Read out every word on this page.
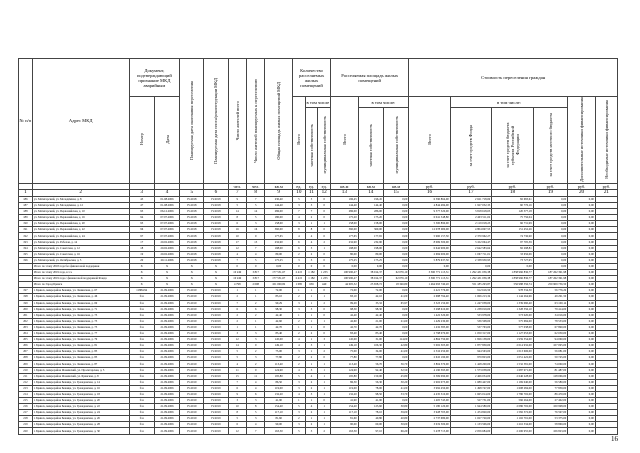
№ п/п	Адрес МКД	Документ, подтверждающий признание МКД аварийным		Планируемая дата окончания переселения	Планируемая дата сноса/реконструкции МКД	Число жителей всего	Число жителей планируемых к переселению	Общая площадь жилых помещений МКД	Количество расселяемых жилых помещений			Расселяемая площадь жилых помещений			Стоимость переселения граждан					
		Номер	Дата						Всего	в том числе		Всего	в том числе:		Всего	в том числе:			Дополнительные источники финансирования	Необходимые источники финансирования
										частная собственность	муниципальная собственность		частная собственность	муниципальная собственность		за счет средств Фонда	за счет средств бюджета субъекта Российской Федерации	за счет средств местного бюджета		
						чел.	чел.	кв.м	ед.	ед.	ед.	кв.м	кв.м	кв.м	руб.	руб.	руб.	руб.	руб.	руб.
1	2	3	4	5	6	7	8	9	10	11	12	13	14	15	16	17	18	19	20	21
186	ул. Матигорский, ул. Молодёжная, д. 8	45	01.08.2006	IV.2018	IV.2018	9	7	230,40	5	5	0	196,45	196,45	0,00	6 590 864,00	2 621 718,69	82 683,61	0,00	0,00	
187	ул. Матигорский, ул. Молодёжная, д. 12	47	01.08.2006	IV.2018	IV.2018	5	5	144,40	3	3	0	144,40	144,40	0,00	4 844 484,00	1 927 052,33	60 776,16	0,00	0,00	
188	ул. Матигорский, ул. Первомайская, д. 10	93	06.12.2006	IV.2018	IV.2018	14	14	286,00	7	7	0	286,00	286,00	0,00	9 577 520,00	3 818 618,03	120 377,18	0,00	0,00	
189	ул. Матигорский, ул. Первомайская, д. 16	94	07.07.2006	IV.2018	IV.2018	8	5	180,00	4	2	0	175,20	175,20	0,00	6 041 548,80	2 403 511,02	75 756,04	0,00	0,00	
190	ул. Матигорский, ул. Первомайская, д. 20	95	07.07.2006	IV.2018	IV.2018	6	3	158,00	3	1	1	158,00	158,00	0,00	5 300 890,00	2 119 018,23	66 731,99	0,00	0,00	
191	ул. Матигорский, ул. Первомайская, д. 22	96	07.07.2006	IV.2018	IV.2018	16	16	360,00	8	8	0	360,00	360,00	0,00	12 078 000,00	4 804 697,53	151 452,26	0,00	0,00	
192	ул. Матигорский, ул. Первомайская, д. 24	97	07.07.2006	IV.2018	IV.2018	10	9	177,65	4	4	0	177,65	177,65	0,00	5 960 157,50	2 370 962,27	74 736,90	0,00	0,00	
193	ул. Матигорский, ул. Рабочая, д. 14	17	20.02.2006	IV.2018	IV.2018	17	13	232,90	6	4	2	232,90	232,90	0,00	8 069 500,00	3 102 064,47	97 705,39	0,00	0,00	
194	ул. Матигорский, ул. Советская, д. 12	18	20.02.2006	IV.2018	IV.2018	12	7	198,00	6	5	1	198,00	198,00	0,00	6 642 900,00	2 642 583,64	82 298,81	0,00	0,00	
195	ул. Матигорский, ул. Советская, д. 16	19	20.02.2006	IV.2018	IV.2018	4	4	80,00	2	2	0	80,00	80,00	0,00	2 684 000,00	1 067 711,01	33 656,06	0,00	0,00	
196	ул. Матигорский, ул. Октябрьская, д. 5	20	20.11.2006	IV.2018	IV.2018	7	5	175,25	3	3	0	175,25	175,25	0,00	5 879 637,50	2 338 930,95	73 727,95	0,00	0,00	
	Итого по этапу 2018 года без финансовой поддержки	X	X	X	X	0	0	0,00	0	0	0	0,00	0,00	0,00	0,00	0,00	0,00	0,00	0,00	
	Итого по этапу 2019 года, в т.ч.	X	X	X	X	10 249	3 817	177 551,67	2 415	1 182	1 233	100 990,47	38 914,37	62 076,10	3 360 771 113,31	1 292 431 056,38	1 838 966 836,77	187 262 391,98	0,00	
	Итого по этапу 2019 года с финансовой поддержкой Фонда	X	X	X	X	10 249	3 817	177 551,67	2 415	1 182	1 233	100 990,47	38 914,37	62 076,10	3 360 771 113,31	1 292 431 056,38	1 838 966 836,77	187 262 391,98	0,00	
	Итого по Город Брянск	X	X	X	X	4 798	2 098	101 000,82	1 085	636	449	44 005,52	25 658,72	18 346,80	1 464 093 740,20	551 185 293,87	556 988 356,74	250 909 756,50	0,00	
197	г. Брянск, микрорайон Бежица, ул. Ленинская, д. 67	11884/94	21.09.2006	IV.2019	IV.2019	1	1	72,00	1	1	0	72,00	72,00	0,00	2 421 776,00	912 616,50	978 534,30	56 776,29	0,00	
198	г. Брянск, микрорайон Бежица, ул. Ленинская, д. 46	б/н	21.09.2006	IV.2019	IV.2019	2	1	83,10	2	1	1	83,10	42,10	41,00	2 688 794,40	1 066 213,34	1 144 264,96	49 291,50	0,00	
199	г. Брянск, микрорайон Бежица, ул. Ленинская, д. 69	б/н	21.09.2006	IV.2019	IV.2019	7	2	99,29	3	1	2	99,29	33,32	65,97	3 323 150,00	1 247 058,00	1 339 060,40	63 100,14	0,00	
200	г. Брянск, микрорайон Бежица, ул. Ленинская, д. 71	б/н	21.09.2006	IV.2019	IV.2019	6	6	98,30	3	3	0	98,30	98,30	0,00	3 298 610,00	1 238 019,00	1 328 356,10	79 414,00	0,00	
201	г. Брянск, микрорайон Бежица, ул. Ленинская, д. 73	б/н	21.09.2006	IV.2019	IV.2019	2	2	42,40	1	1	0	42,40	42,40	0,00	1 422 520,00	533 978,00	573 020,00	34 016,00	0,00	
202	г. Брянск, микрорайон Бежица, ул. Ленинская, д. 73	б/н	21.09.2006	IV.2019	IV.2019	2	1	42,60	2	1	1	42,60	21,00	21,60	1 429 230,00	536 508,00	575 684,00	78 533,00	0,00	
203	г. Брянск, микрорайон Бежица, ул. Ленинская, д. 75	б/н	21.09.2006	IV.2019	IV.2019	1	1	42,70	1	1	0	42,70	42,70	0,00	1 432 585,00	537 763,00	577 038,00	67 890,00	0,00	
204	г. Брянск, микрорайон Бежица, ул. Ленинская, д. 77	б/н	21.09.2006	IV.2019	IV.2019	3	3	83,40	2	2	0	83,40	83,40	0,00	2 798 070,00	1 050 317,00	1 127 053,00	62 030,00	0,00	
205	г. Брянск, микрорайон Бежица, ул. Ленинская, д. 79	б/н	21.09.2006	IV.2019	IV.2019	12	3	145,00	4	1	3	145,00	31,00	114,00	4 864 750,00	1 826 158,00	1 959 554,00	94 060,00	0,00	
206	г. Брянск, микрорайон Бежица, ул. Ленинская, д. 81	б/н	21.09.2006	IV.2019	IV.2019	14	9	149,10	4	3	1	149,10	106,30	42,80	5 002 305,00	1 877 830,00	2 014 932,00	107 095,00	0,00	
207	г. Брянск, микрорайон Бежица, ул. Ленинская, д. 83	б/н	21.09.2006	IV.2019	IV.2019	5	2	75,00	3	1	2	75,00	34,00	41,00	2 516 250,00	944 563,00	1 013 606,00	56 081,00	0,00	
208	г. Брянск, микрорайон Бежица, ул. Ленинская, д. 85	б/н	21.09.2006	IV.2019	IV.2019	5	3	77,80	2	2	0	77,80	77,80	0,00	2 610 190,00	979 823,00	1 051 422,00	50 745,00	0,00	
209	г. Брянск, микрорайон Бежица, ул. Ленинская, д. 87	б/н	21.09.2006	IV.2019	IV.2019	4	2	113,40	2	1	1	113,40	56,70	56,70	3 804 570,00	1 428 200,00	1 532 581,00	74 060,00	0,00	
210	г. Брянск, микрорайон Фокинский, ул. Пролетарская, д. 5	б/н	21.09.2006	IV.2019	IV.2019	11	9	124,90	4	3	1	124,90	92,40	32,50	4 190 395,00	1 573 058,00	1 687 971,00	81 487,00	0,00	
211	г. Брянск, микрорайон Фокинский, ул. Брянская, д. 8	б/н	21.09.2006	IV.2019	IV.2019	15	11	195,80	5	4	1	195,80	150,00	45,80	6 569 090,00	2 466 054,00	2 646 228,00	128 066,00	0,00	
212	г. Брянск, микрорайон Бежица, ул. Гражданская, д. 14	б/н	21.09.2006	IV.2019	IV.2019	7	4	86,50	3	2	1	86,50	56,30	30,20	2 902 075,00	1 089 447,00	1 169 040,00	56 580,00	0,00	
213	г. Брянск, микрорайон Бежица, ул. Гражданская, д. 16	б/н	21.09.2006	IV.2019	IV.2019	6	4	119,00	3	2	1	119,00	78,00	41,00	3 992 450,00	1 498 747,00	1 608 284,00	77 839,00	0,00	
214	г. Брянск, микрорайон Бежица, ул. Гражданская, д. 18	б/н	21.09.2006	IV.2019	IV.2019	9	6	132,20	4	3	1	132,20	98,50	33,70	4 435 310,00	1 665 014,00	1 786 702,00	86 470,00	0,00	
215	г. Брянск, микрорайон Бежица, ул. Гражданская, д. 20	б/н	21.09.2006	IV.2019	IV.2019	3	3	41,90	1	1	0	41,90	41,90	0,00	1 405 745,00	527 731,00	566 264,00	27 402,00	0,00	
216	г. Брянск, микрорайон Бежица, ул. Гражданская, д. 22	б/н	21.09.2006	IV.2019	IV.2019	10	8	154,40	5	4	1	154,40	123,60	30,80	5 180 120,00	1 944 580,00	2 086 702,00	100 998,00	0,00	
217	г. Брянск, микрорайон Бежица, ул. Гражданская, д. 24	б/н	21.09.2006	IV.2019	IV.2019	8	5	117,10	3	2	1	117,10	78,10	39,00	3 928 705,00	1 474 820,00	1 582 572,00	76 597,00	0,00	
218	г. Брянск, микрорайон Бежица, ул. Гражданская, д. 26	б/н	21.09.2006	IV.2019	IV.2019	5	3	81,60	2	1	1	81,60	40,80	40,80	2 737 680,00	1 027 720,00	1 102 791,00	53 375,00	0,00	
219	г. Брянск, микрорайон Бежица, ул. Гражданская, д. 28	б/н	21.09.2006	IV.2019	IV.2019	6	4	90,00	3	2	1	90,00	60,00	30,00	3 019 500,00	1 133 506,00	1 216 334,00	58 869,00	0,00	
220	г. Брянск, микрорайон Бежица, ул. Гражданская, д. 30	б/н	21.09.2006	IV.2019	IV.2019	12	7	163,30	5	3	2	163,30	97,10	66,20	5 478 715,00	2 056 684,00	2 206 955,00	106 823,00	0,00	
16
